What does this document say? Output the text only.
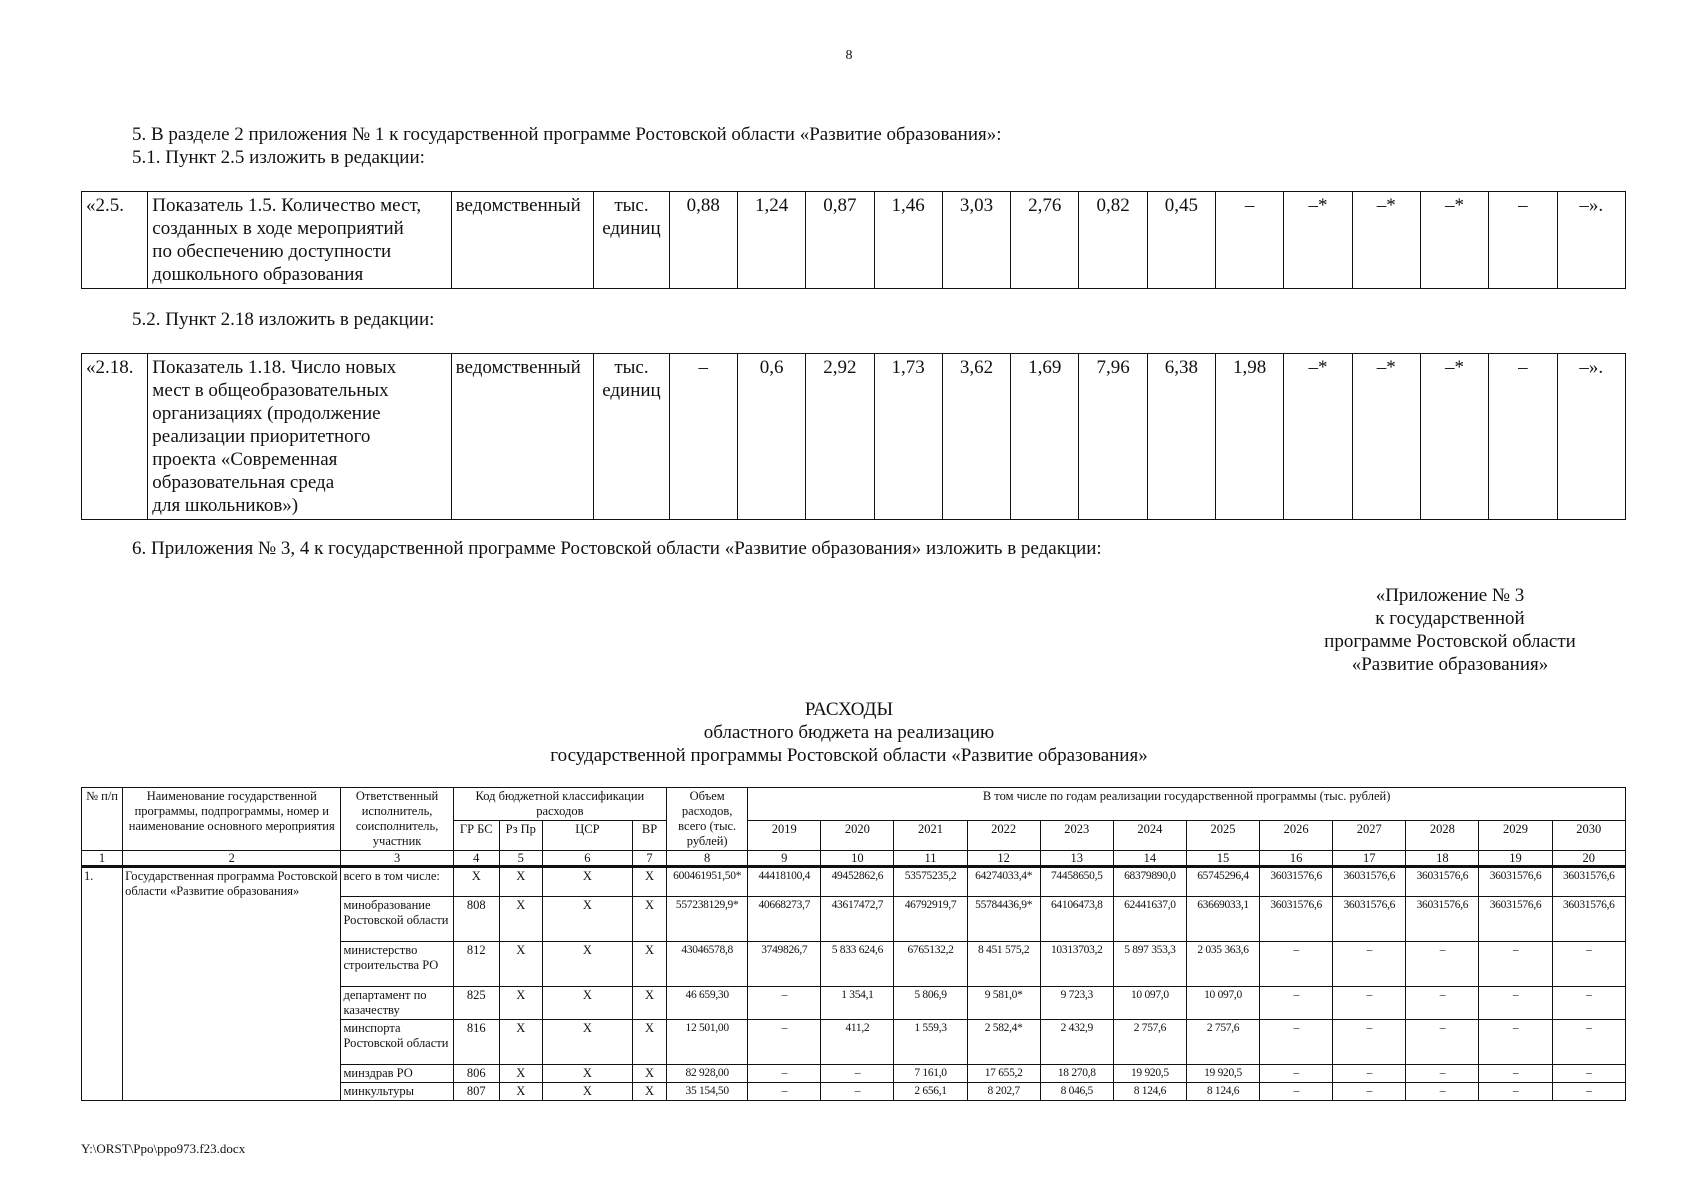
8
5. В разделе 2 приложения № 1 к государственной программе Ростовской области «Развитие образования»:
5.1. Пункт 2.5 изложить в редакции:
«2.5.	Показатель 1.5. Количество мест,
созданных в ходе мероприятий
по обеспечению доступности
дошкольного образования
	ведомственный	тыс.
единиц
	0,88	1,24	0,87	1,46	3,03	2,76	0,82	0,45	–	–*	–*	–*	–	–».
5.2. Пункт 2.18 изложить в редакции:
«2.18.	Показатель 1.18. Число новых
мест в общеобразовательных
организациях (продолжение
реализации приоритетного
проекта «Современная
образовательная среда
для школьников»)
	ведомственный	тыс.
единиц
	–	0,6	2,92	1,73	3,62	1,69	7,96	6,38	1,98	–*	–*	–*	–	–».
6. Приложения № 3, 4 к государственной программе Ростовской области «Развитие образования» изложить в редакции:
«Приложение № 3
к государственной
программе Ростовской области
«Развитие образования»
РАСХОДЫ
областного бюджета на реализацию
государственной программы Ростовской области «Развитие образования»
№ п/п	Наименование государственной программы, подпрограммы, номер и наименование основного мероприятия	Ответственный исполнитель, соисполнитель, участник	Код бюджетной классификации расходов				Объем расходов, всего (тыс. рублей)	В том числе по годам реализации государственной программы (тыс. рублей)											
			ГР БС	Рз Пр	ЦСР	ВР		2019	2020	2021	2022	2023	2024	2025	2026	2027	2028	2029	2030
1	2	3	4	5	6	7	8	9	10	11	12	13	14	15	16	17	18	19	20
1.	Государственная программа Ростовской области «Развитие образования»	всего в том числе:	X	X	X	X	600461951,50*	44418100,4	49452862,6	53575235,2	64274033,4*	74458650,5	68379890,0	65745296,4	36031576,6	36031576,6	36031576,6	36031576,6	36031576,6
		минобразование Ростовской области	808	X	X	X	557238129,9*	40668273,7	43617472,7	46792919,7	55784436,9*	64106473,8	62441637,0	63669033,1	36031576,6	36031576,6	36031576,6	36031576,6	36031576,6
		министерство строительства РО	812	X	X	X	43046578,8	3749826,7	5 833 624,6	6765132,2	8 451 575,2	10313703,2	5 897 353,3	2 035 363,6	–	–	–	–	–
		департамент по казачеству	825	X	X	X	46 659,30	–	1 354,1	5 806,9	9 581,0*	9 723,3	10 097,0	10 097,0	–	–	–	–	–
		минспорта Ростовской области	816	X	X	X	12 501,00	–	411,2	1 559,3	2 582,4*	2 432,9	2 757,6	2 757,6	–	–	–	–	–
		минздрав РО	806	X	X	X	82 928,00	–	–	7 161,0	17 655,2	18 270,8	19 920,5	19 920,5	–	–	–	–	–
		минкультуры	807	X	X	X	35 154,50	–	–	2 656,1	8 202,7	8 046,5	8 124,6	8 124,6	–	–	–	–	–
Y:\ORST\Ppo\ppo973.f23.docx
